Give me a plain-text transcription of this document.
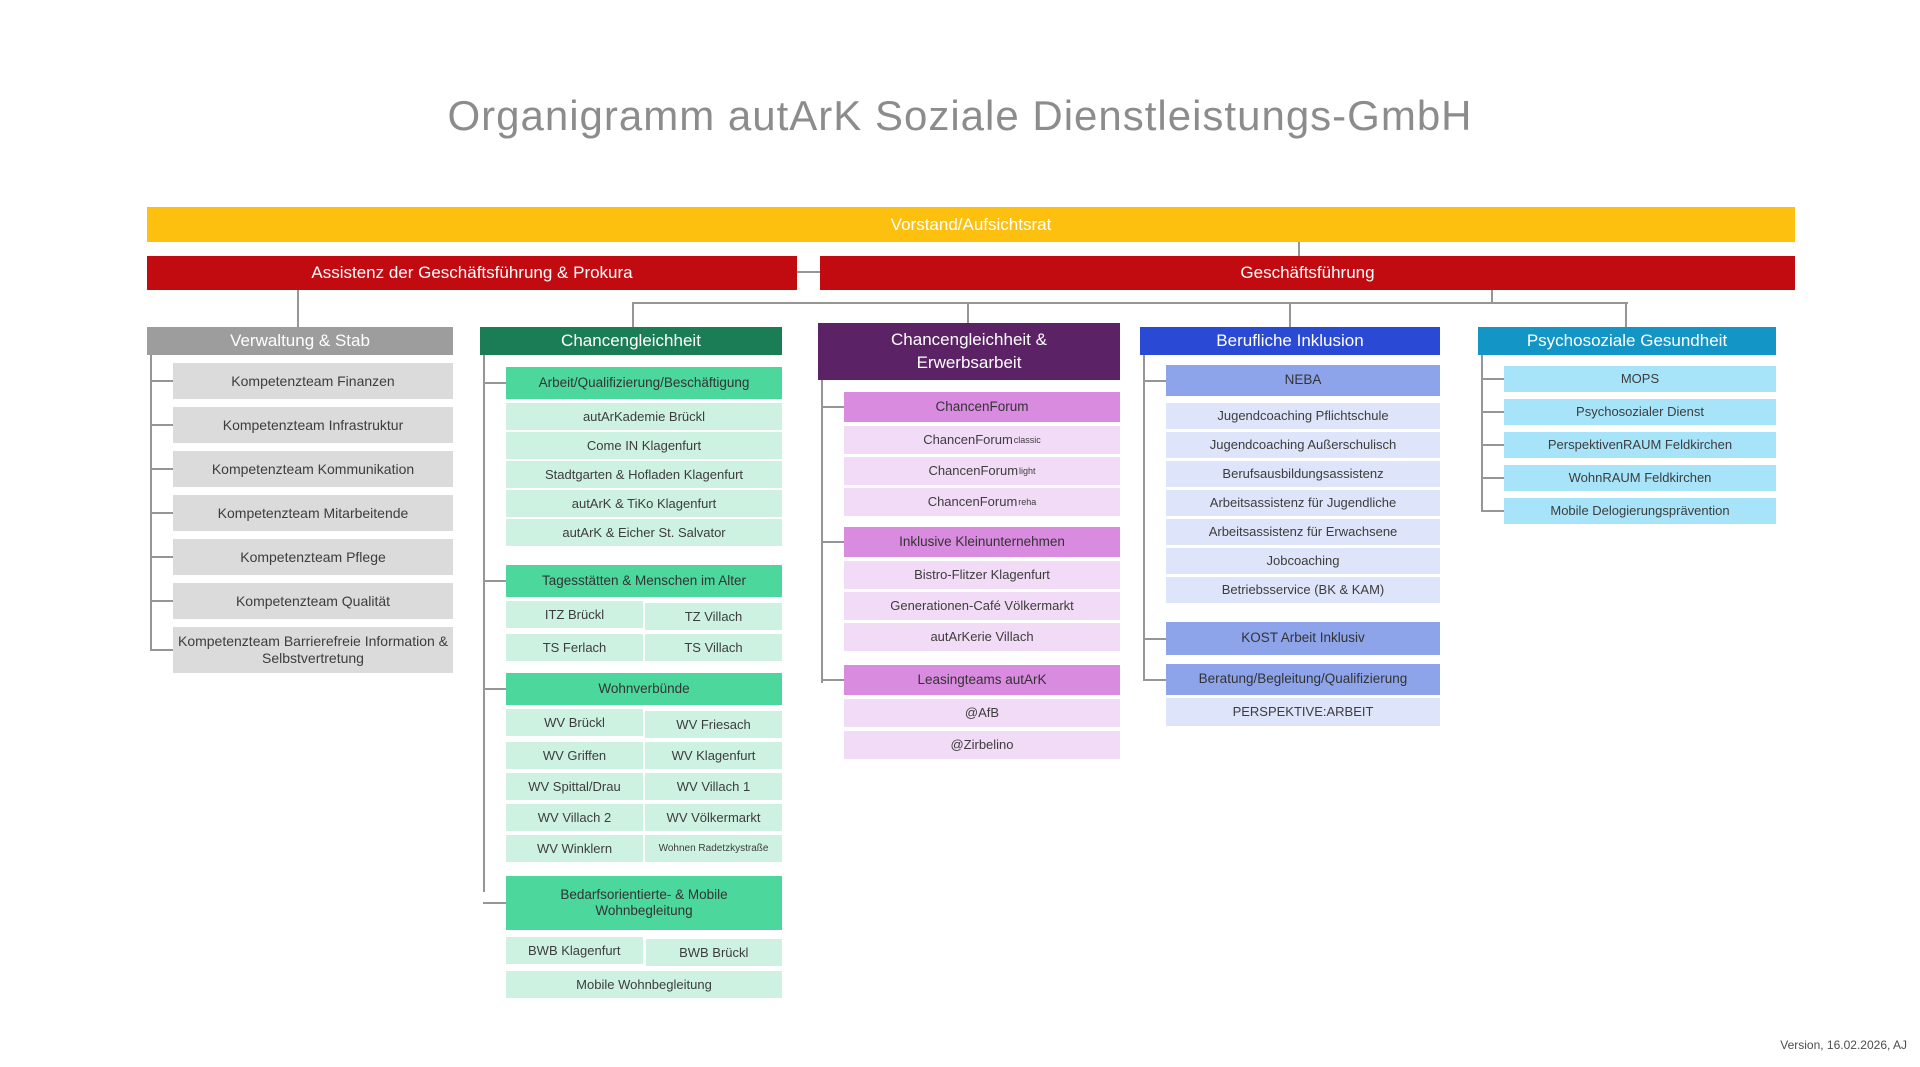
Organigramm autArK Soziale Dienstleistungs-GmbH
Vorstand/Aufsichtsrat
Assistenz der Geschäftsführung & Prokura	Geschäftsführung
Verwaltung & Stab
Kompetenzteam Finanzen
Kompetenzteam Infrastruktur
Kompetenzteam Kommunikation
Kompetenzteam Mitarbeitende
Kompetenzteam Pflege
Kompetenzteam Qualität
Kompetenzteam Barrierefreie Information & Selbstvertretung
Chancengleichheit
Arbeit/Qualifizierung/Beschäftigung
autArKademie Brückl
Come IN Klagenfurt
Stadtgarten & Hofladen Klagenfurt
autArK & TiKo Klagenfurt
autArK & Eicher St. Salvator
Tagesstätten & Menschen im Alter
ITZ Brückl	TZ Villach
TS Ferlach	TS Villach
Wohnverbünde
WV Brückl	WV Friesach
WV Griffen	WV Klagenfurt
WV Spittal/Drau	WV Villach 1
WV Villach 2	WV Völkermarkt
WV Winklern	Wohnen Radetzkystraße
Bedarfsorientierte- & Mobile Wohnbegleitung
BWB Klagenfurt	BWB Brückl
Mobile Wohnbegleitung
Chancengleichheit & Erwerbsarbeit
ChancenForum
ChancenForum classic
ChancenForum light
ChancenForum reha
Inklusive Kleinunternehmen
Bistro-Flitzer Klagenfurt
Generationen-Café Völkermarkt
autArKerie Villach
Leasingteams autArK
@AfB
@Zirbelino
Berufliche Inklusion
NEBA
Jugendcoaching Pflichtschule
Jugendcoaching Außerschulisch
Berufsausbildungsassistenz
Arbeitsassistenz für Jugendliche
Arbeitsassistenz für Erwachsene
Jobcoaching
Betriebsservice (BK & KAM)
KOST Arbeit Inklusiv
Beratung/Begleitung/Qualifizierung
PERSPEKTIVE:ARBEIT
Psychosoziale Gesundheit
MOPS
Psychosozialer Dienst
PerspektivenRAUM Feldkirchen
WohnRAUM Feldkirchen
Mobile Delogierungsprävention
Version, 16.02.2026, AJ
